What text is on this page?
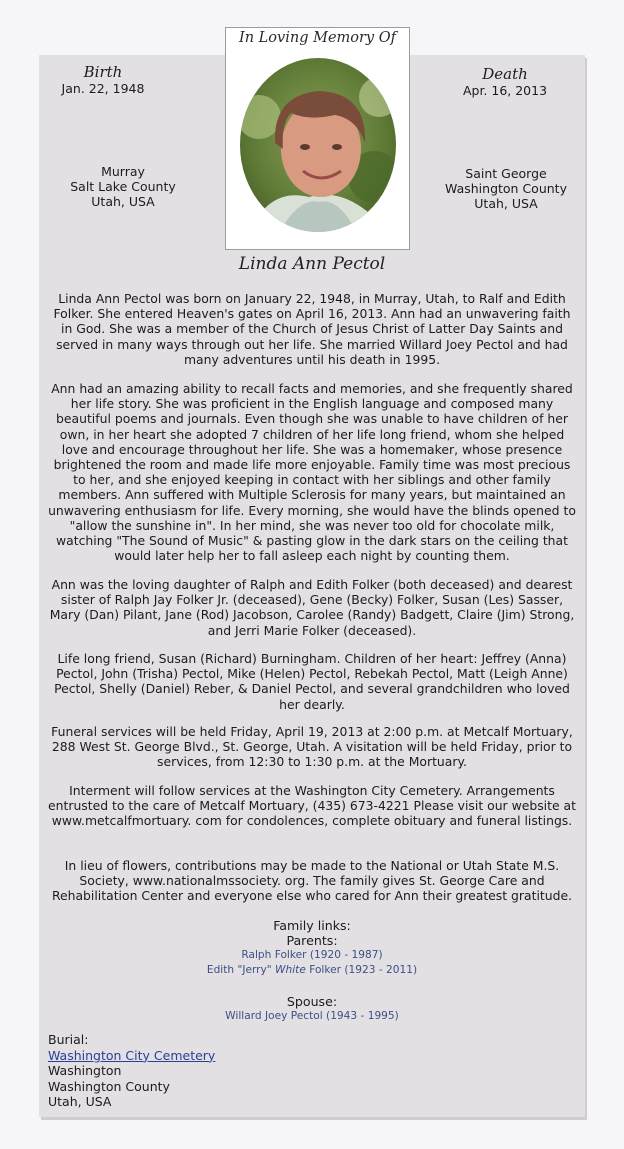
In Loving Memory Of
Birth
Jan. 22, 1948
Murray
Salt Lake County
Utah, USA
Death
Apr. 16, 2013
Saint George
Washington County
Utah, USA
Linda Ann Pectol

Linda Ann Pectol was born on January 22, 1948, in Murray, Utah, to Ralf and Edith Folker. She entered Heaven's gates on April 16, 2013. Ann had an unwavering faith in God. She was a member of the Church of Jesus Christ of Latter Day Saints and served in many ways through out her life. She married Willard Joey Pectol and had many adventures until his death in 1995.

Ann had an amazing ability to recall facts and memories, and she frequently shared her life story. She was proficient in the English language and composed many beautiful poems and journals. Even though she was unable to have children of her own, in her heart she adopted 7 children of her life long friend, whom she helped love and encourage throughout her life. She was a homemaker, whose presence brightened the room and made life more enjoyable. Family time was most precious to her, and she enjoyed keeping in contact with her siblings and other family members. Ann suffered with Multiple Sclerosis for many years, but maintained an unwavering enthusiasm for life. Every morning, she would have the blinds opened to "allow the sunshine in". In her mind, she was never too old for chocolate milk, watching "The Sound of Music" & pasting glow in the dark stars on the ceiling that would later help her to fall asleep each night by counting them.

Ann was the loving daughter of Ralph and Edith Folker (both deceased) and dearest sister of Ralph Jay Folker Jr. (deceased), Gene (Becky) Folker, Susan (Les) Sasser, Mary (Dan) Pilant, Jane (Rod) Jacobson, Carolee (Randy) Badgett, Claire (Jim) Strong, and Jerri Marie Folker (deceased).

Life long friend, Susan (Richard) Burningham. Children of her heart: Jeffrey (Anna) Pectol, John (Trisha) Pectol, Mike (Helen) Pectol, Rebekah Pectol, Matt (Leigh Anne) Pectol, Shelly (Daniel) Reber, & Daniel Pectol, and several grandchildren who loved her dearly.

Funeral services will be held Friday, April 19, 2013 at 2:00 p.m. at Metcalf Mortuary, 288 West St. George Blvd., St. George, Utah. A visitation will be held Friday, prior to services, from 12:30 to 1:30 p.m. at the Mortuary.

Interment will follow services at the Washington City Cemetery. Arrangements entrusted to the care of Metcalf Mortuary, (435) 673-4221 Please visit our website at www.metcalfmortuary. com for condolences, complete obituary and funeral listings.

In lieu of flowers, contributions may be made to the National or Utah State M.S. Society, www.nationalmssociety. org. The family gives St. George Care and Rehabilitation Center and everyone else who cared for Ann their greatest gratitude.

Family links:
Parents:
Ralph Folker (1920 - 1987)
Edith "Jerry" White Folker (1923 - 2011)
Spouse:
Willard Joey Pectol (1943 - 1995)
Burial:
Washington City Cemetery
Washington
Washington County
Utah, USA
